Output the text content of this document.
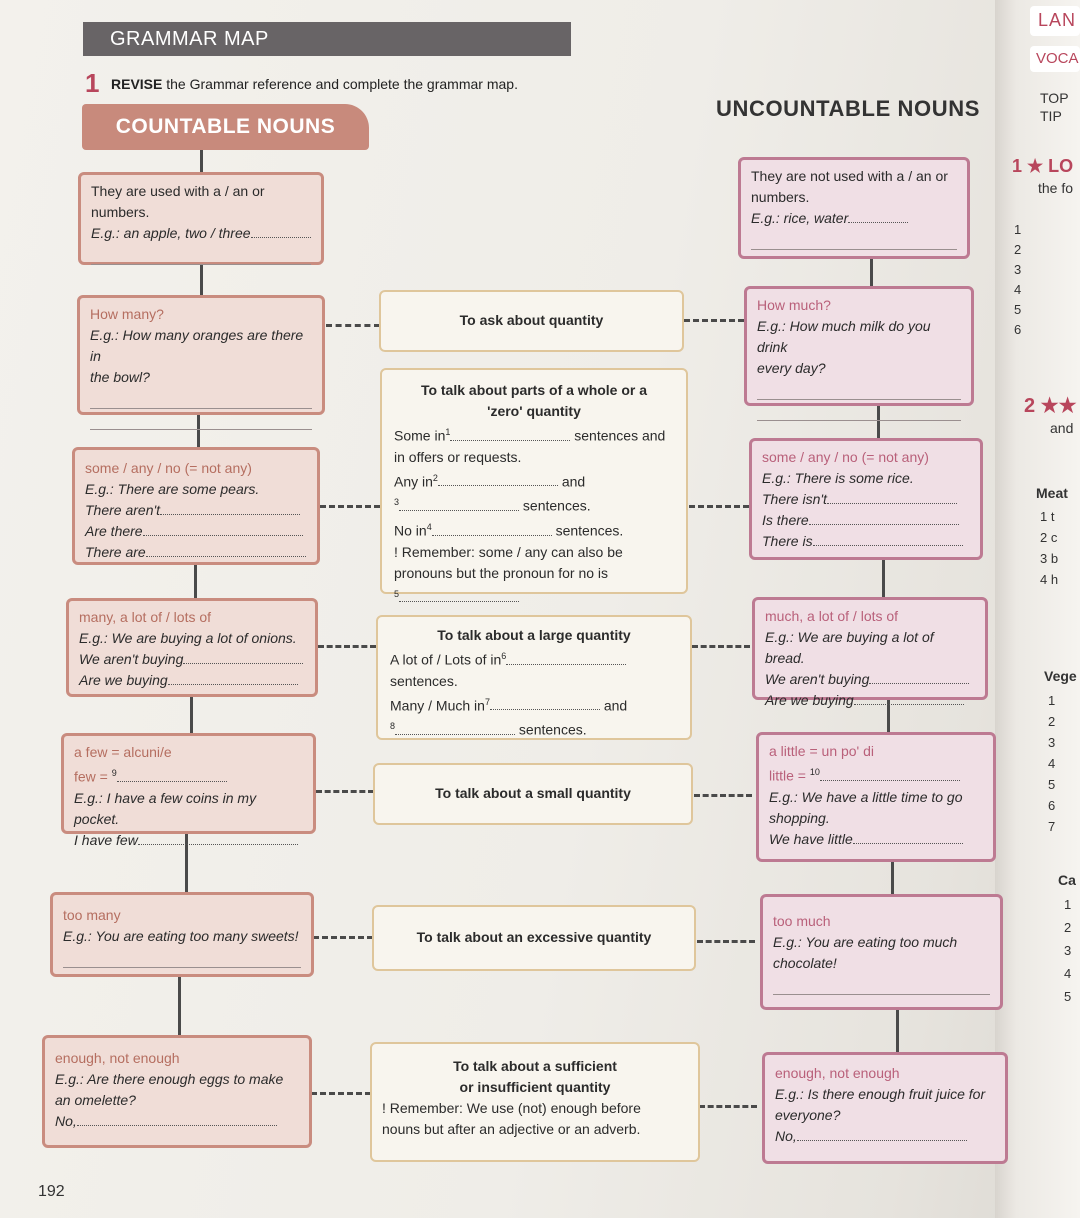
GRAMMAR MAP
1 REVISE the Grammar reference and complete the grammar map.
COUNTABLE NOUNS
UNCOUNTABLE NOUNS
They are used with a / an or
numbers.
E.g.: an apple, two / three
They are not used with a / an or
numbers.
E.g.: rice, water
How many?
E.g.: How many oranges are there in
the bowl?
To ask about quantity
How much?
E.g.: How much milk do you drink
every day?
some / any / no (= not any)
E.g.: There are some pears.
There aren't
Are there
There are
To talk about parts of a whole or a
'zero' quantity
Some $in^1$	sentences and
in offers or requests.
Any $in^2$	and
$^3$	sentences.
No $in^4$	sentences.
! Remember: some / any can also be
pronouns but the pronoun for no is
$^5$
some / any / no (= not any)
E.g.: There is some rice.
There isn't
Is there
There is
many, a lot of / lots of
E.g.: We are buying a lot of onions.
We aren't buying
Are we buying
To talk about a large quantity
A lot of / Lots of $in^6$
sentences.
Many / Much $in^7$	and
$^8$	sentences.
much, a lot of / lots of
E.g.: We are buying a lot of bread.
We aren't buying
Are we buying
a few = alcuni/e
few = $^9$
E.g.: I have a few coins in my pocket.
I have few
To talk about a small quantity
a little = un po' di
little = $^{10}$
E.g.: We have a little time to go
shopping.
We have little
too many
E.g.: You are eating too many sweets!	To talk about an excessive quantity
too much
E.g.: You are eating too much
chocolate!
enough, not enough
E.g.: Are there enough eggs to make
an omelette?
No,
To talk about a sufficient
or insufficient quantity
! Remember: We use (not) enough before
nouns but after an adjective or an adverb.
enough, not enough
E.g.: Is there enough fruit juice for
everyone?
No,
192
LAN
VOCA
TOP
TIP
1 ★ LO
the fo
1
2
3
4
5
6
2 ★★
and
Meat
1 t
2 c
3 b
4 h
Vege
1
2
3
4
5
6
7
Ca
1
2
3
4
5
